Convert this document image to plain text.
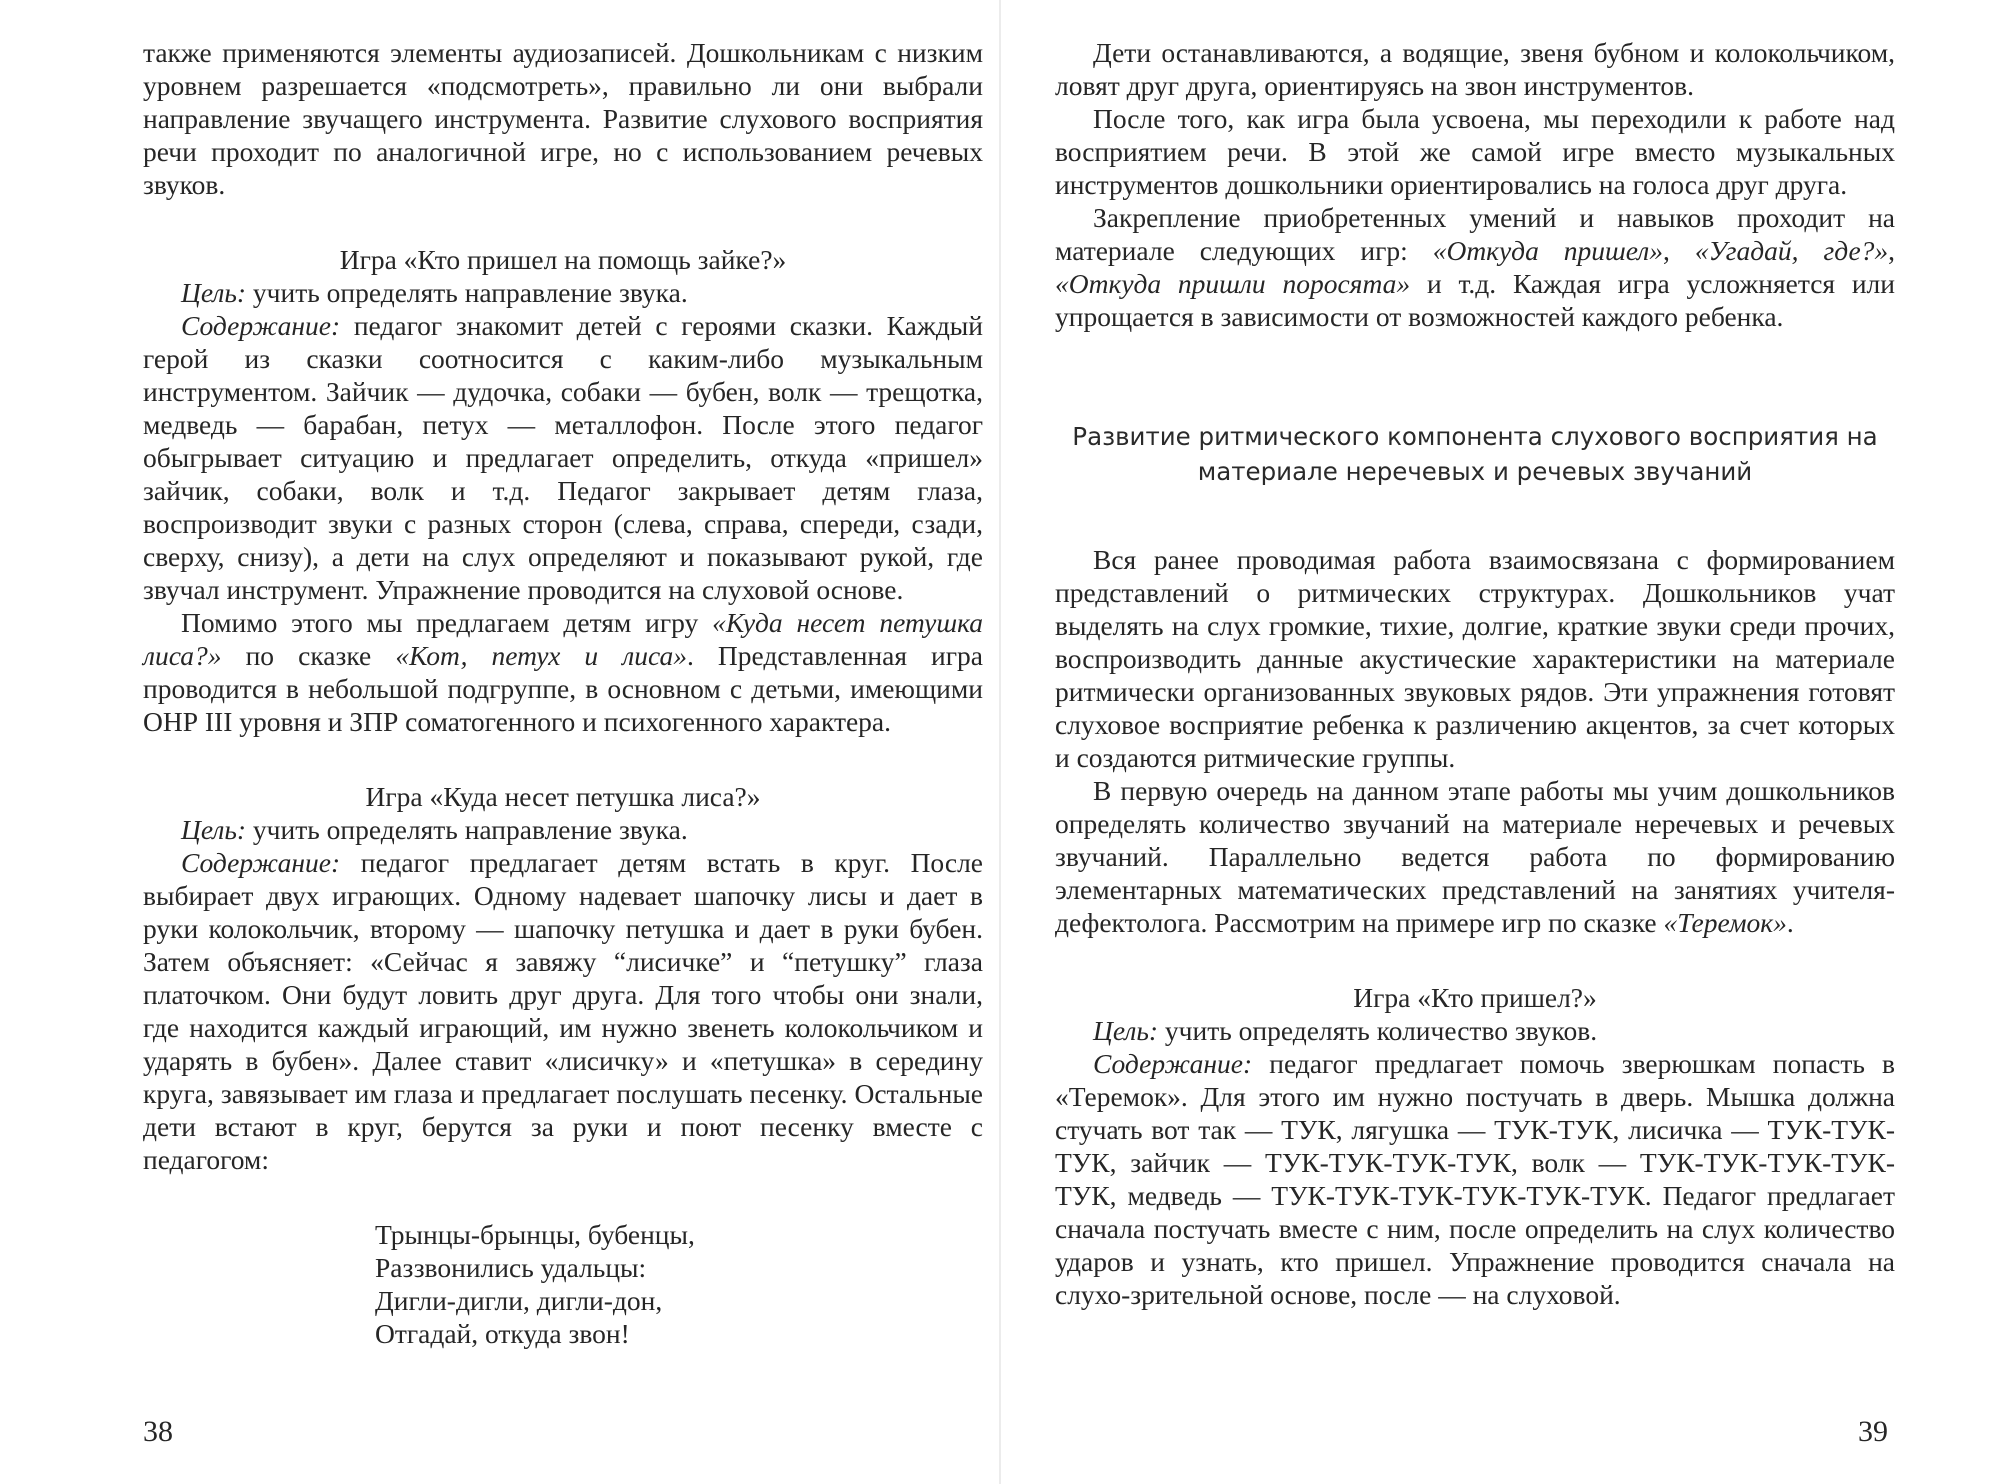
также применяются элементы аудиозаписей. Дошкольникам с низким уровнем разрешается «подсмотреть», правильно ли они выбрали направление звучащего инструмента. Развитие слухового восприятия речи проходит по аналогичной игре, но с использованием речевых звуков.

Игра «Кто пришел на помощь зайке?»

Цель: учить определять направление звука.

Содержание: педагог знакомит детей с героями сказки. Каждый герой из сказки соотносится с каким-либо музыкальным инструментом. Зайчик — дудочка, собаки — бубен, волк — трещотка, медведь — барабан, петух — металлофон. После этого педагог обыгрывает ситуацию и предлагает определить, откуда «пришел» зайчик, собаки, волк и т.д. Педагог закрывает детям глаза, воспроизводит звуки с разных сторон (слева, справа, спереди, сзади, сверху, снизу), а дети на слух определяют и показывают рукой, где звучал инструмент. Упражнение проводится на слуховой основе.

Помимо этого мы предлагаем детям игру «Куда несет петушка лиса?» по сказке «Кот, петух и лиса». Представленная игра проводится в небольшой подгруппе, в основном с детьми, имеющими ОНР III уровня и ЗПР соматогенного и психогенного характера.

Игра «Куда несет петушка лиса?»

Цель: учить определять направление звука.

Содержание: педагог предлагает детям встать в круг. После выбирает двух играющих. Одному надевает шапочку лисы и дает в руки колокольчик, второму — шапочку петушка и дает в руки бубен. Затем объясняет: «Сейчас я завяжу “лисичке” и “петушку” глаза платочком. Они будут ловить друг друга. Для того чтобы они знали, где находится каждый играющий, им нужно звенеть колокольчиком и ударять в бубен». Далее ставит «лисичку» и «петушка» в середину круга, завязывает им глаза и предлагает послушать песенку. Остальные дети встают в круг, берутся за руки и поют песенку вместе с педагогом:

Трынцы-брынцы, бубенцы,
Раззвонились удальцы:
Дигли-дигли, дигли-дон,
Отгадай, откуда звон!
38

Дети останавливаются, а водящие, звеня бубном и колокольчиком, ловят друг друга, ориентируясь на звон инструментов.

После того, как игра была усвоена, мы переходили к работе над восприятием речи. В этой же самой игре вместо музыкальных инструментов дошкольники ориентировались на голоса друг друга.

Закрепление приобретенных умений и навыков проходит на материале следующих игр: «Откуда пришел», «Угадай, где?», «Откуда пришли поросята» и т.д. Каждая игра усложняется или упрощается в зависимости от возможностей каждого ребенка.

Развитие ритмического компонента слухового восприятия на материале неречевых и речевых звучаний

Вся ранее проводимая работа взаимосвязана с формированием представлений о ритмических структурах. Дошкольников учат выделять на слух громкие, тихие, долгие, краткие звуки среди прочих, воспроизводить данные акустические характеристики на материале ритмически организованных звуковых рядов. Эти упражнения готовят слуховое восприятие ребенка к различению акцентов, за счет которых и создаются ритмические группы.

В первую очередь на данном этапе работы мы учим дошкольников определять количество звучаний на материале неречевых и речевых звучаний. Параллельно ведется работа по формированию элементарных математических представлений на занятиях учителя-дефектолога. Рассмотрим на примере игр по сказке «Теремок».

Игра «Кто пришел?»

Цель: учить определять количество звуков.

Содержание: педагог предлагает помочь зверюшкам попасть в «Теремок». Для этого им нужно постучать в дверь. Мышка должна стучать вот так — ТУК, лягушка — ТУК-ТУК, лисичка — ТУК-ТУК-ТУК, зайчик — ТУК-ТУК-ТУК-ТУК, волк — ТУК-ТУК-ТУК-ТУК-ТУК, медведь — ТУК-ТУК-ТУК-ТУК-ТУК-ТУК. Педагог предлагает сначала постучать вместе с ним, после определить на слух количество ударов и узнать, кто пришел. Упражнение проводится сначала на слухо-зрительной основе, после — на слуховой.

39
